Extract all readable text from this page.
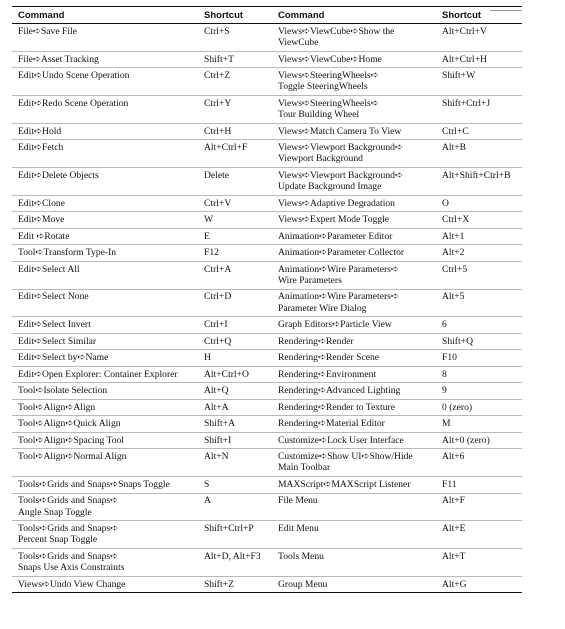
Command	Shortcut	Command	Shortcut

File➪Save File	Ctrl+S	Views➪ViewCube➪Show the
ViewCube	Alt+Ctrl+V

File➪Asset Tracking	Shift+T	Views➪ViewCube➪Home	Alt+Ctrl+H

Edit➪Undo Scene Operation	Ctrl+Z	Views➪SteeringWheels➪
Toggle SteeringWheels	Shift+W

Edit➪Redo Scene Operation	Ctrl+Y	Views➪SteeringWheels➪
Tour Building Wheel	Shift+Ctrl+J

Edit➪Hold	Ctrl+H	Views➪Match Camera To View	Ctrl+C

Edit➪Fetch	Alt+Ctrl+F	Views➪Viewport Background➪
Viewport Background	Alt+B

Edit➪Delete Objects	Delete	Views➪Viewport Background➪
Update Background Image	Alt+Shift+Ctrl+B

Edit➪Clone	Ctrl+V	Views➪Adaptive Degradation	O

Edit➪Move	W	Views➪Expert Mode Toggle	Ctrl+X

Edit ➪Rotate	E	Animation➪Parameter Editor	Alt+1

Tool➪Transform Type-In	F12	Animation➪Parameter Collector	Alt+2

Edit➪Select All	Ctrl+A	Animation➪Wire Parameters➪
Wire Parameters	Ctrl+5

Edit➪Select None	Ctrl+D	Animation➪Wire Parameters➪
Parameter Wire Dialog	Alt+5

Edit➪Select Invert	Ctrl+I	Graph Editors➪Particle View	6

Edit➪Select Similar	Ctrl+Q	Rendering➪Render	Shift+Q

Edit➪Select by➪Name	H	Rendering➪Render Scene	F10

Edit➪Open Explorer: Container Explorer	Alt+Ctrl+O	Rendering➪Environment	8

Tool➪Isolate Selection	Alt+Q	Rendering➪Advanced Lighting	9

Tool➪Align➪Align	Alt+A	Rendering➪Render to Texture	0 (zero)

Tool➪Align➪Quick Align	Shift+A	Rendering➪Material Editor	M

Tool➪Align➪Spacing Tool	Shift+I	Customize➪Lock User Interface	Alt+0 (zero)

Tool➪Align➪Normal Align	Alt+N	Customize➪Show UI➪Show/Hide
Main Toolbar	Alt+6

Tools➪Grids and Snaps➪Snaps Toggle	S	MAXScript➪MAXScript Listener	F11

Tools➪Grids and Snaps➪
Angle Snap Toggle	A	File Menu	Alt+F

Tools➪Grids and Snaps➪
Percent Snap Toggle	Shift+Ctrl+P	Edit Menu	Alt+E

Tools➪Grids and Snaps➪
Snaps Use Axis Constraints	Alt+D, Alt+F3	Tools Menu	Alt+T

Views➪Undo View Change	Shift+Z	Group Menu	Alt+G
